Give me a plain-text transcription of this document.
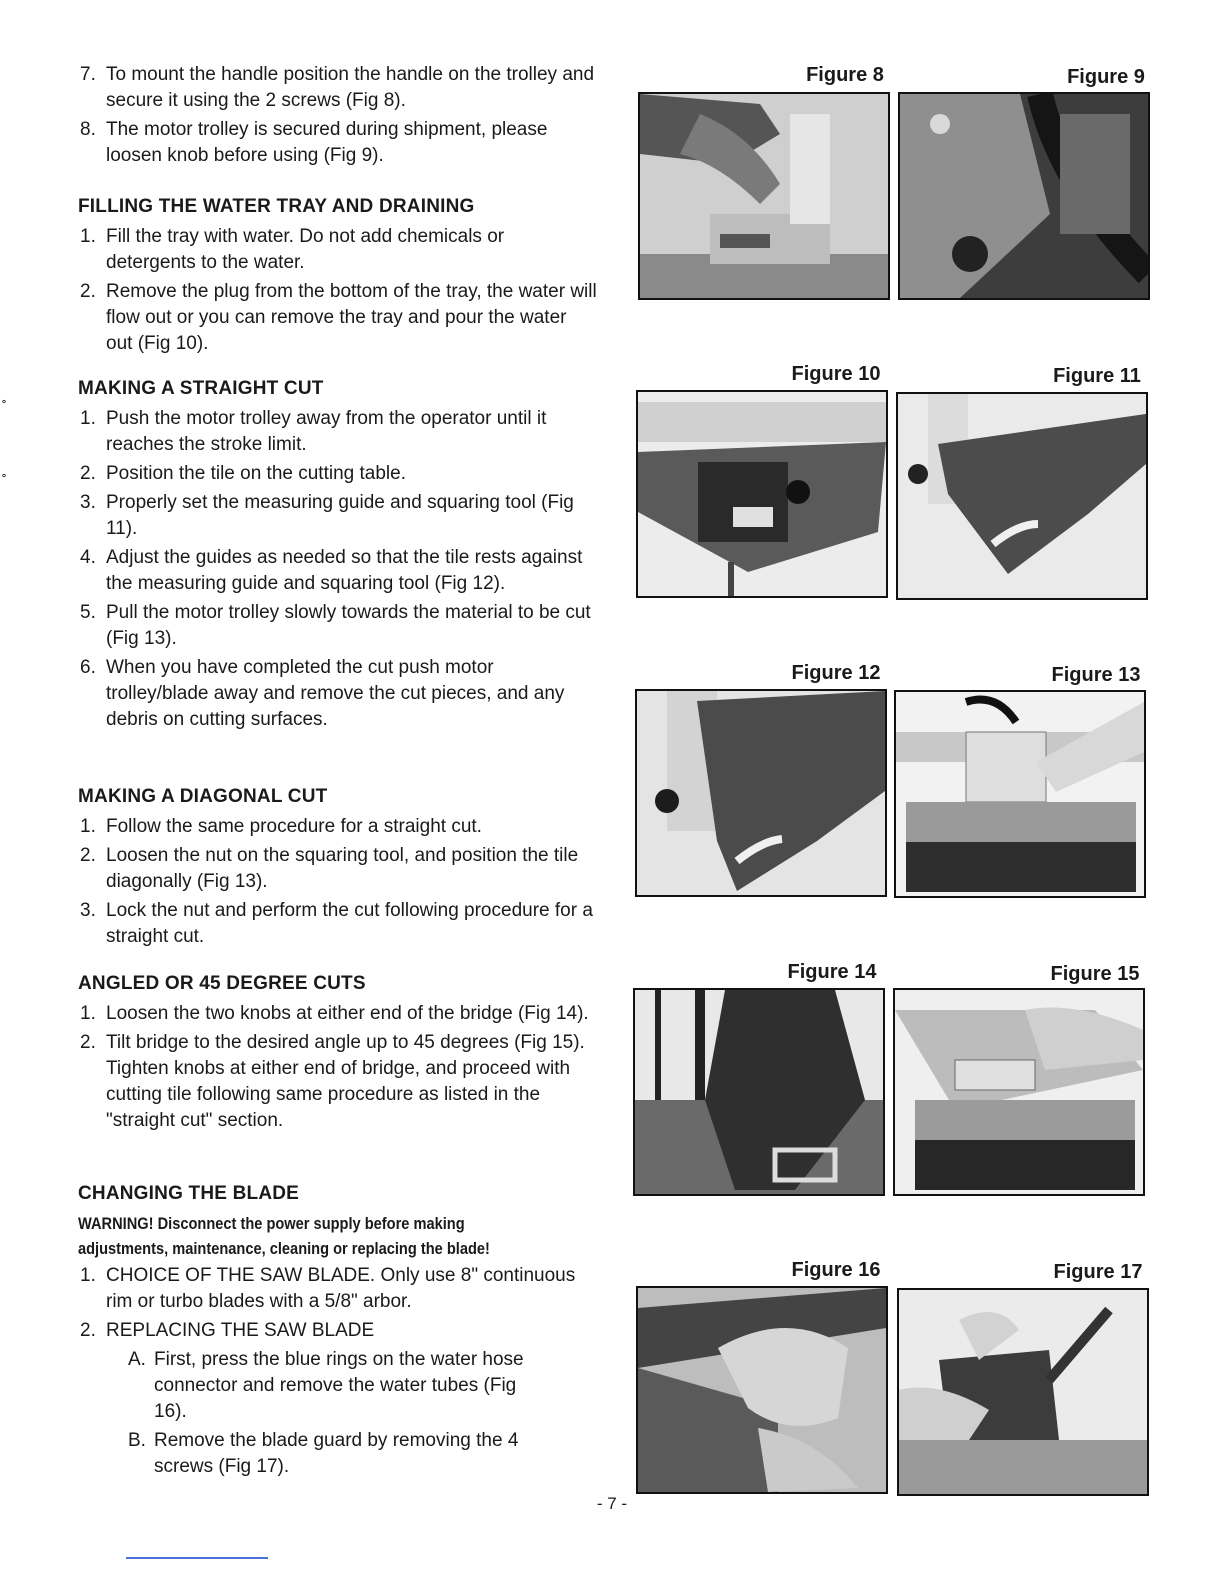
7. To mount the handle position the handle on the trolley and secure it using the 2 screws (Fig 8).

8. The motor trolley is secured during shipment, please loosen knob before using (Fig 9).

FILLING THE WATER TRAY AND DRAINING

1. Fill the tray with water. Do not add chemicals or detergents to the water.

2. Remove the plug from the bottom of the tray, the water will flow out or you can remove the tray and pour the water out (Fig 10).

MAKING A STRAIGHT CUT

1. Push the motor trolley away from the operator until it reaches the stroke limit.

2. Position the tile on the cutting table.

3. Properly set the measuring guide and squaring tool (Fig 11).

4. Adjust the guides as needed so that the tile rests against the measuring guide and squaring tool (Fig 12).

5. Pull the motor trolley slowly towards the material to be cut (Fig 13).

6. When you have completed the cut push motor trolley/blade away and remove the cut pieces, and any debris on cutting surfaces.

MAKING A DIAGONAL CUT

1. Follow the same procedure for a straight cut.

2. Loosen the nut on the squaring tool, and position the tile diagonally (Fig 13).

3. Lock the nut and perform the cut following procedure for a straight cut.

ANGLED OR 45 DEGREE CUTS

1. Loosen the two knobs at either end of the bridge (Fig 14).

2. Tilt bridge to the desired angle up to 45 degrees (Fig 15). Tighten knobs at either end of bridge, and proceed with cutting tile following same procedure as listed in the "straight cut" section.

CHANGING THE BLADE

WARNING! Disconnect the power supply before making adjustments, maintenance, cleaning or replacing the blade!

1. CHOICE OF THE SAW BLADE. Only use 8" continuous rim or turbo blades with a 5/8" arbor.

2. REPLACING THE SAW BLADE

A. First, press the blue rings on the water hose connector and remove the water tubes (Fig 16).

B. Remove the blade guard by removing the 4 screws (Fig 17).

Figure 8	Figure 9
Figure 10	Figure 11
Figure 12	Figure 13
Figure 14	Figure 15
Figure 16	Figure 17
- 7 -
˚
˚
